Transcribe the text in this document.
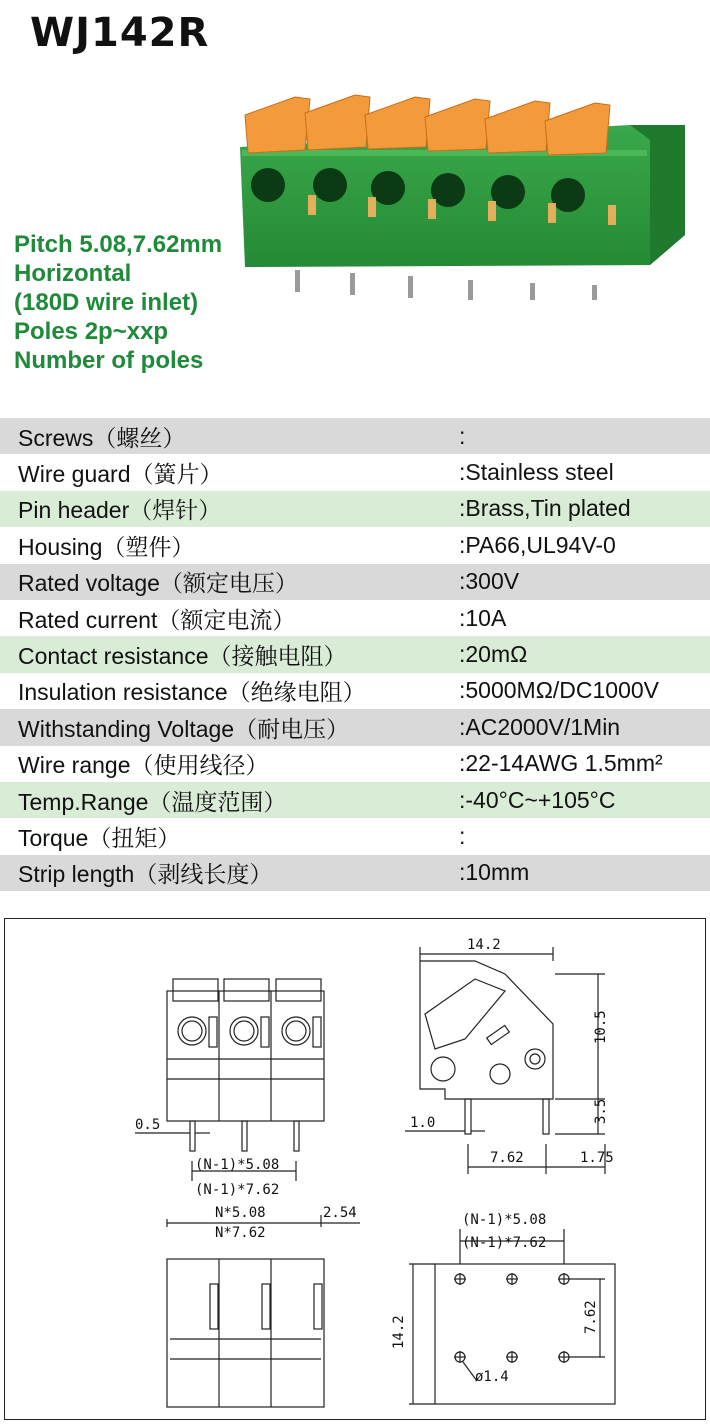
WJ142R
Pitch 5.08,7.62mm
Horizontal
(180D wire inlet)
Poles 2p~xxp
Number of poles
Screws（螺丝）	:
Wire guard（簧片）	:Stainless steel
Pin header（焊针）	:Brass,Tin plated
Housing（塑件）	:PA66,UL94V-0
Rated voltage（额定电压）	:300V
Rated current（额定电流）	:10A
Contact resistance（接触电阻）	:20mΩ
Insulation resistance（绝缘电阻）	:5000MΩ/DC1000V
Withstanding Voltage（耐电压）	:AC2000V/1Min
Wire range（使用线径）	:22-14AWG 1.5mm²
Temp.Range（温度范围）	:-40°C~+105°C
Torque（扭矩）	:
Strip length（剥线长度）	:10mm
0.5
(N-1)*5.08
(N-1)*7.62
N*5.08
N*7.62
2.54
14.2
10.5
3.5
1.0
7.62	1.75
(N-1)*5.08
(N-1)*7.62
14.2	7.62
ø1.4
